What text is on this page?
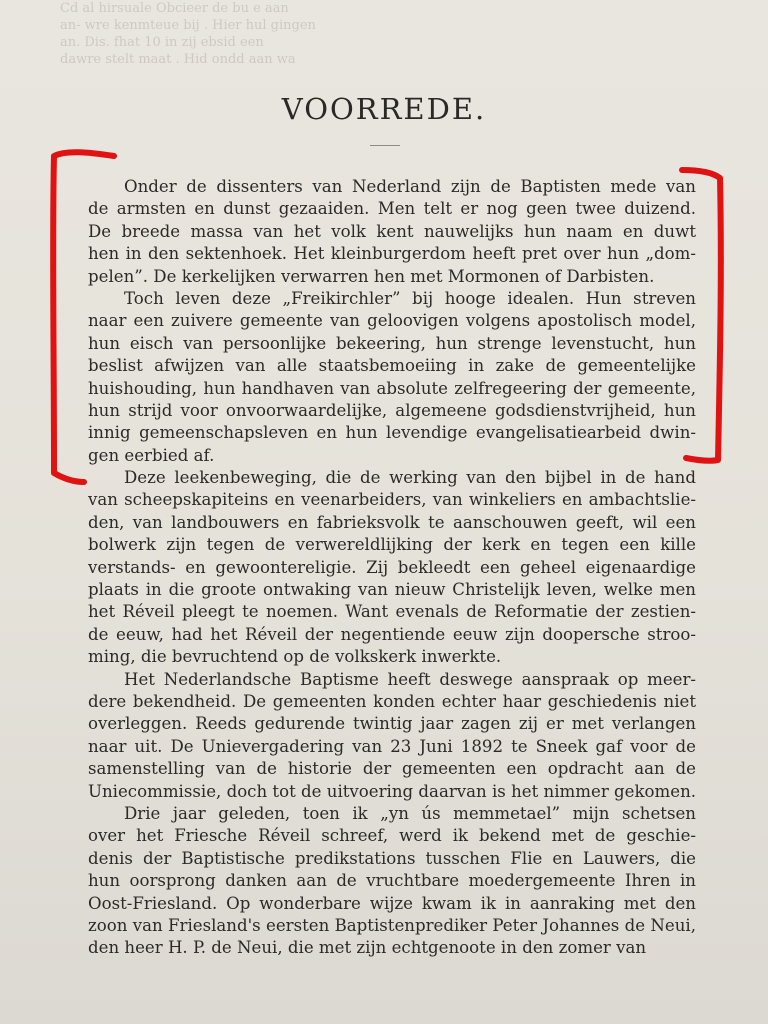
Cd al hirsuale Obcieer de bu e aan
an- wre kenmteue bij . Hier hul gingen
an. Dis. fhat 10 in zij ebsid een
dawre stelt maat . Hid ondd aan wa
VOORREDE.
Onder de dissenters van Nederland zijn de Baptisten mede van
de armsten en dunst gezaaiden. Men telt er nog geen twee duizend.
De breede massa van het volk kent nauwelijks hun naam en duwt
hen in den sektenhoek. Het kleinburgerdom heeft pret over hun „dom-
pelen”. De kerkelijken verwarren hen met Mormonen of Darbisten.
Toch leven deze „Freikirchler” bij hooge idealen. Hun streven
naar een zuivere gemeente van geloovigen volgens apostolisch model,
hun eisch van persoonlijke bekeering, hun strenge levenstucht, hun
beslist afwijzen van alle staatsbemoeiing in zake de gemeentelijke
huishouding, hun handhaven van absolute zelfregeering der gemeente,
hun strijd voor onvoorwaardelijke, algemeene godsdienstvrijheid, hun
innig gemeenschapsleven en hun levendige evangelisatiearbeid dwin-
gen eerbied af.
Deze leekenbeweging, die de werking van den bijbel in de hand
van scheepskapiteins en veenarbeiders, van winkeliers en ambachtslie-
den, van landbouwers en fabrieksvolk te aanschouwen geeft, wil een
bolwerk zijn tegen de verwereldlijking der kerk en tegen een kille
verstands- en gewoontereligie. Zij bekleedt een geheel eigenaardige
plaats in die groote ontwaking van nieuw Christelijk leven, welke men
het Réveil pleegt te noemen. Want evenals de Reformatie der zestien-
de eeuw, had het Réveil der negentiende eeuw zijn doopersche stroo-
ming, die bevruchtend op de volkskerk inwerkte.
Het Nederlandsche Baptisme heeft deswege aanspraak op meer-
dere bekendheid. De gemeenten konden echter haar geschiedenis niet
overleggen. Reeds gedurende twintig jaar zagen zij er met verlangen
naar uit. De Unievergadering van 23 Juni 1892 te Sneek gaf voor de
samenstelling van de historie der gemeenten een opdracht aan de
Uniecommissie, doch tot de uitvoering daarvan is het nimmer gekomen.
Drie jaar geleden, toen ik „yn ús memmetael” mijn schetsen
over het Friesche Réveil schreef, werd ik bekend met de geschie-
denis der Baptistische predikstations tusschen Flie en Lauwers, die
hun oorsprong danken aan de vruchtbare moedergemeente Ihren in
Oost-Friesland. Op wonderbare wijze kwam ik in aanraking met den
zoon van Friesland's eersten Baptistenprediker Peter Johannes de Neui,
den heer H. P. de Neui, die met zijn echtgenoote in den zomer van
